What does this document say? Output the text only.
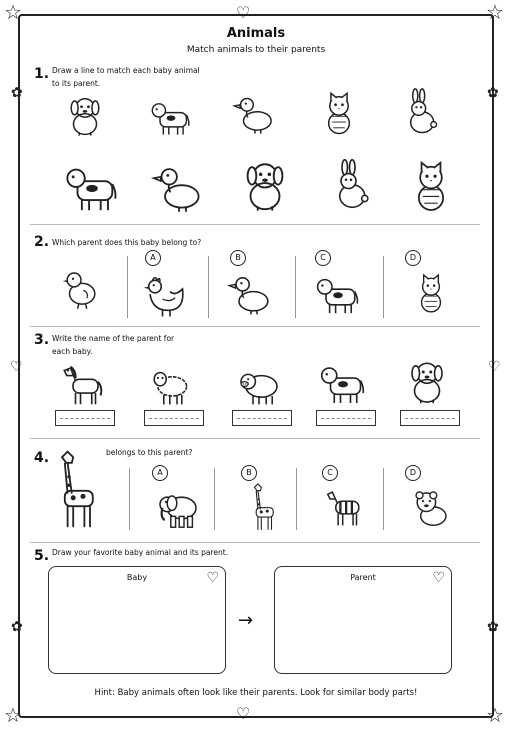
♡
♡
♡	♡
☆	☆
☆	☆
✿	✿
✿	✿
Animals
Match animals to their parents
1. Draw a line to match each baby animal
to its parent.
2. Which parent does this baby belong to?
A	B	C	D
3. Write the name of the parent for
each baby.
4.	belongs to this parent?
A	B	C	D
5. Draw your favorite baby animal and its parent.
Baby	♡
→
Parent	♡
Hint: Baby animals often look like their parents. Look for similar body parts!
